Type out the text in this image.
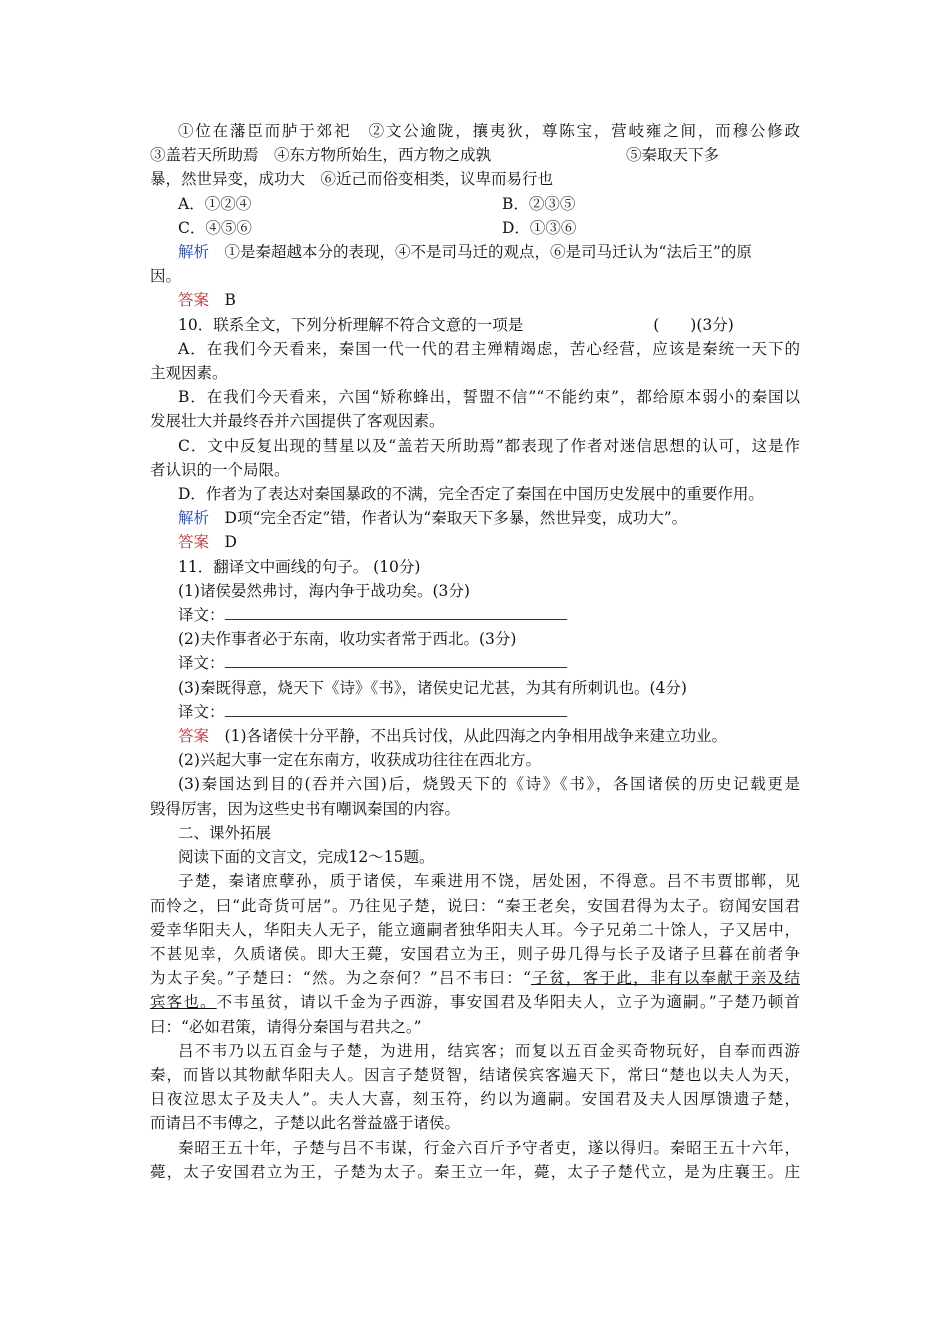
①位在藩臣而胪于郊祀　②文公逾陇，攘夷狄，尊陈宝，营岐雍之间，而穆公修政

③盖若天所助焉　④东方物所始生，西方物之成孰	⑤秦取天下多

暴，然世异变，成功大　⑥近己而俗变相类，议卑而易行也

A．①②④	B．②③⑤

C．④⑤⑥	D．①③⑥

解析　 ①是秦超越本分的表现，④不是司马迁的观点，⑥是司马迁认为“法后王”的原

因。

答案　 B

10．联系全文，下列分析理解不符合文意的一项是	(　　)(3分)

A．在我们今天看来，秦国一代一代的君主殚精竭虑，苦心经营，应该是秦统一天下的

主观因素。

B．在我们今天看来，六国“矫称蜂出，誓盟不信”“不能约束”，都给原本弱小的秦国以

发展壮大并最终吞并六国提供了客观因素。

C．文中反复出现的彗星以及“盖若天所助焉”都表现了作者对迷信思想的认可，这是作

者认识的一个局限。

D．作者为了表达对秦国暴政的不满，完全否定了秦国在中国历史发展中的重要作用。

解析　 D项“完全否定”错，作者认为“秦取天下多暴，然世异变，成功大”。

答案　 D

11．翻译文中画线的句子。 (10分)

(1)诸侯晏然弗讨，海内争于战功矣。(3分)

译文：

(2)夫作事者必于东南，收功实者常于西北。(3分)

译文：

(3)秦既得意，烧天下《诗》《书》，诸侯史记尤甚，为其有所刺讥也。(4分)

译文：

答案　 (1)各诸侯十分平静，不出兵讨伐，从此四海之内争相用战争来建立功业。

(2)兴起大事一定在东南方，收获成功往往在西北方。

(3)秦国达到目的(吞并六国)后，烧毁天下的《诗》《书》，各国诸侯的历史记载更是

毁得厉害，因为这些史书有嘲讽秦国的内容。

二、课外拓展

阅读下面的文言文，完成12～15题。

子楚，秦诸庶孽孙，质于诸侯，车乘进用不饶，居处困，不得意。吕不韦贾邯郸，见

而怜之，曰“此奇货可居”。乃往见子楚，说曰：“秦王老矣，安国君得为太子。窃闻安国君

爱幸华阳夫人，华阳夫人无子，能立適嗣者独华阳夫人耳。今子兄弟二十馀人，子又居中，

不甚见幸，久质诸侯。即大王薨，安国君立为王，则子毋几得与长子及诸子旦暮在前者争

为太子矣。”子楚曰：“然。为之奈何？”吕不韦曰：“子贫，客于此，非有以奉献于亲及结

宾客也。不韦虽贫，请以千金为子西游，事安国君及华阳夫人，立子为適嗣。”子楚乃顿首

曰：“必如君策，请得分秦国与君共之。”

吕不韦乃以五百金与子楚，为进用，结宾客；而复以五百金买奇物玩好，自奉而西游

秦，而皆以其物献华阳夫人。因言子楚贤智，结诸侯宾客遍天下，常曰“楚也以夫人为天，

日夜泣思太子及夫人”。夫人大喜，刻玉符，约以为適嗣。安国君及夫人因厚馈遗子楚，

而请吕不韦傅之，子楚以此名誉益盛于诸侯。

秦昭王五十年，子楚与吕不韦谋，行金六百斤予守者吏，遂以得归。秦昭王五十六年，

薨，太子安国君立为王，子楚为太子。秦王立一年，薨，太子子楚代立，是为庄襄王。庄
